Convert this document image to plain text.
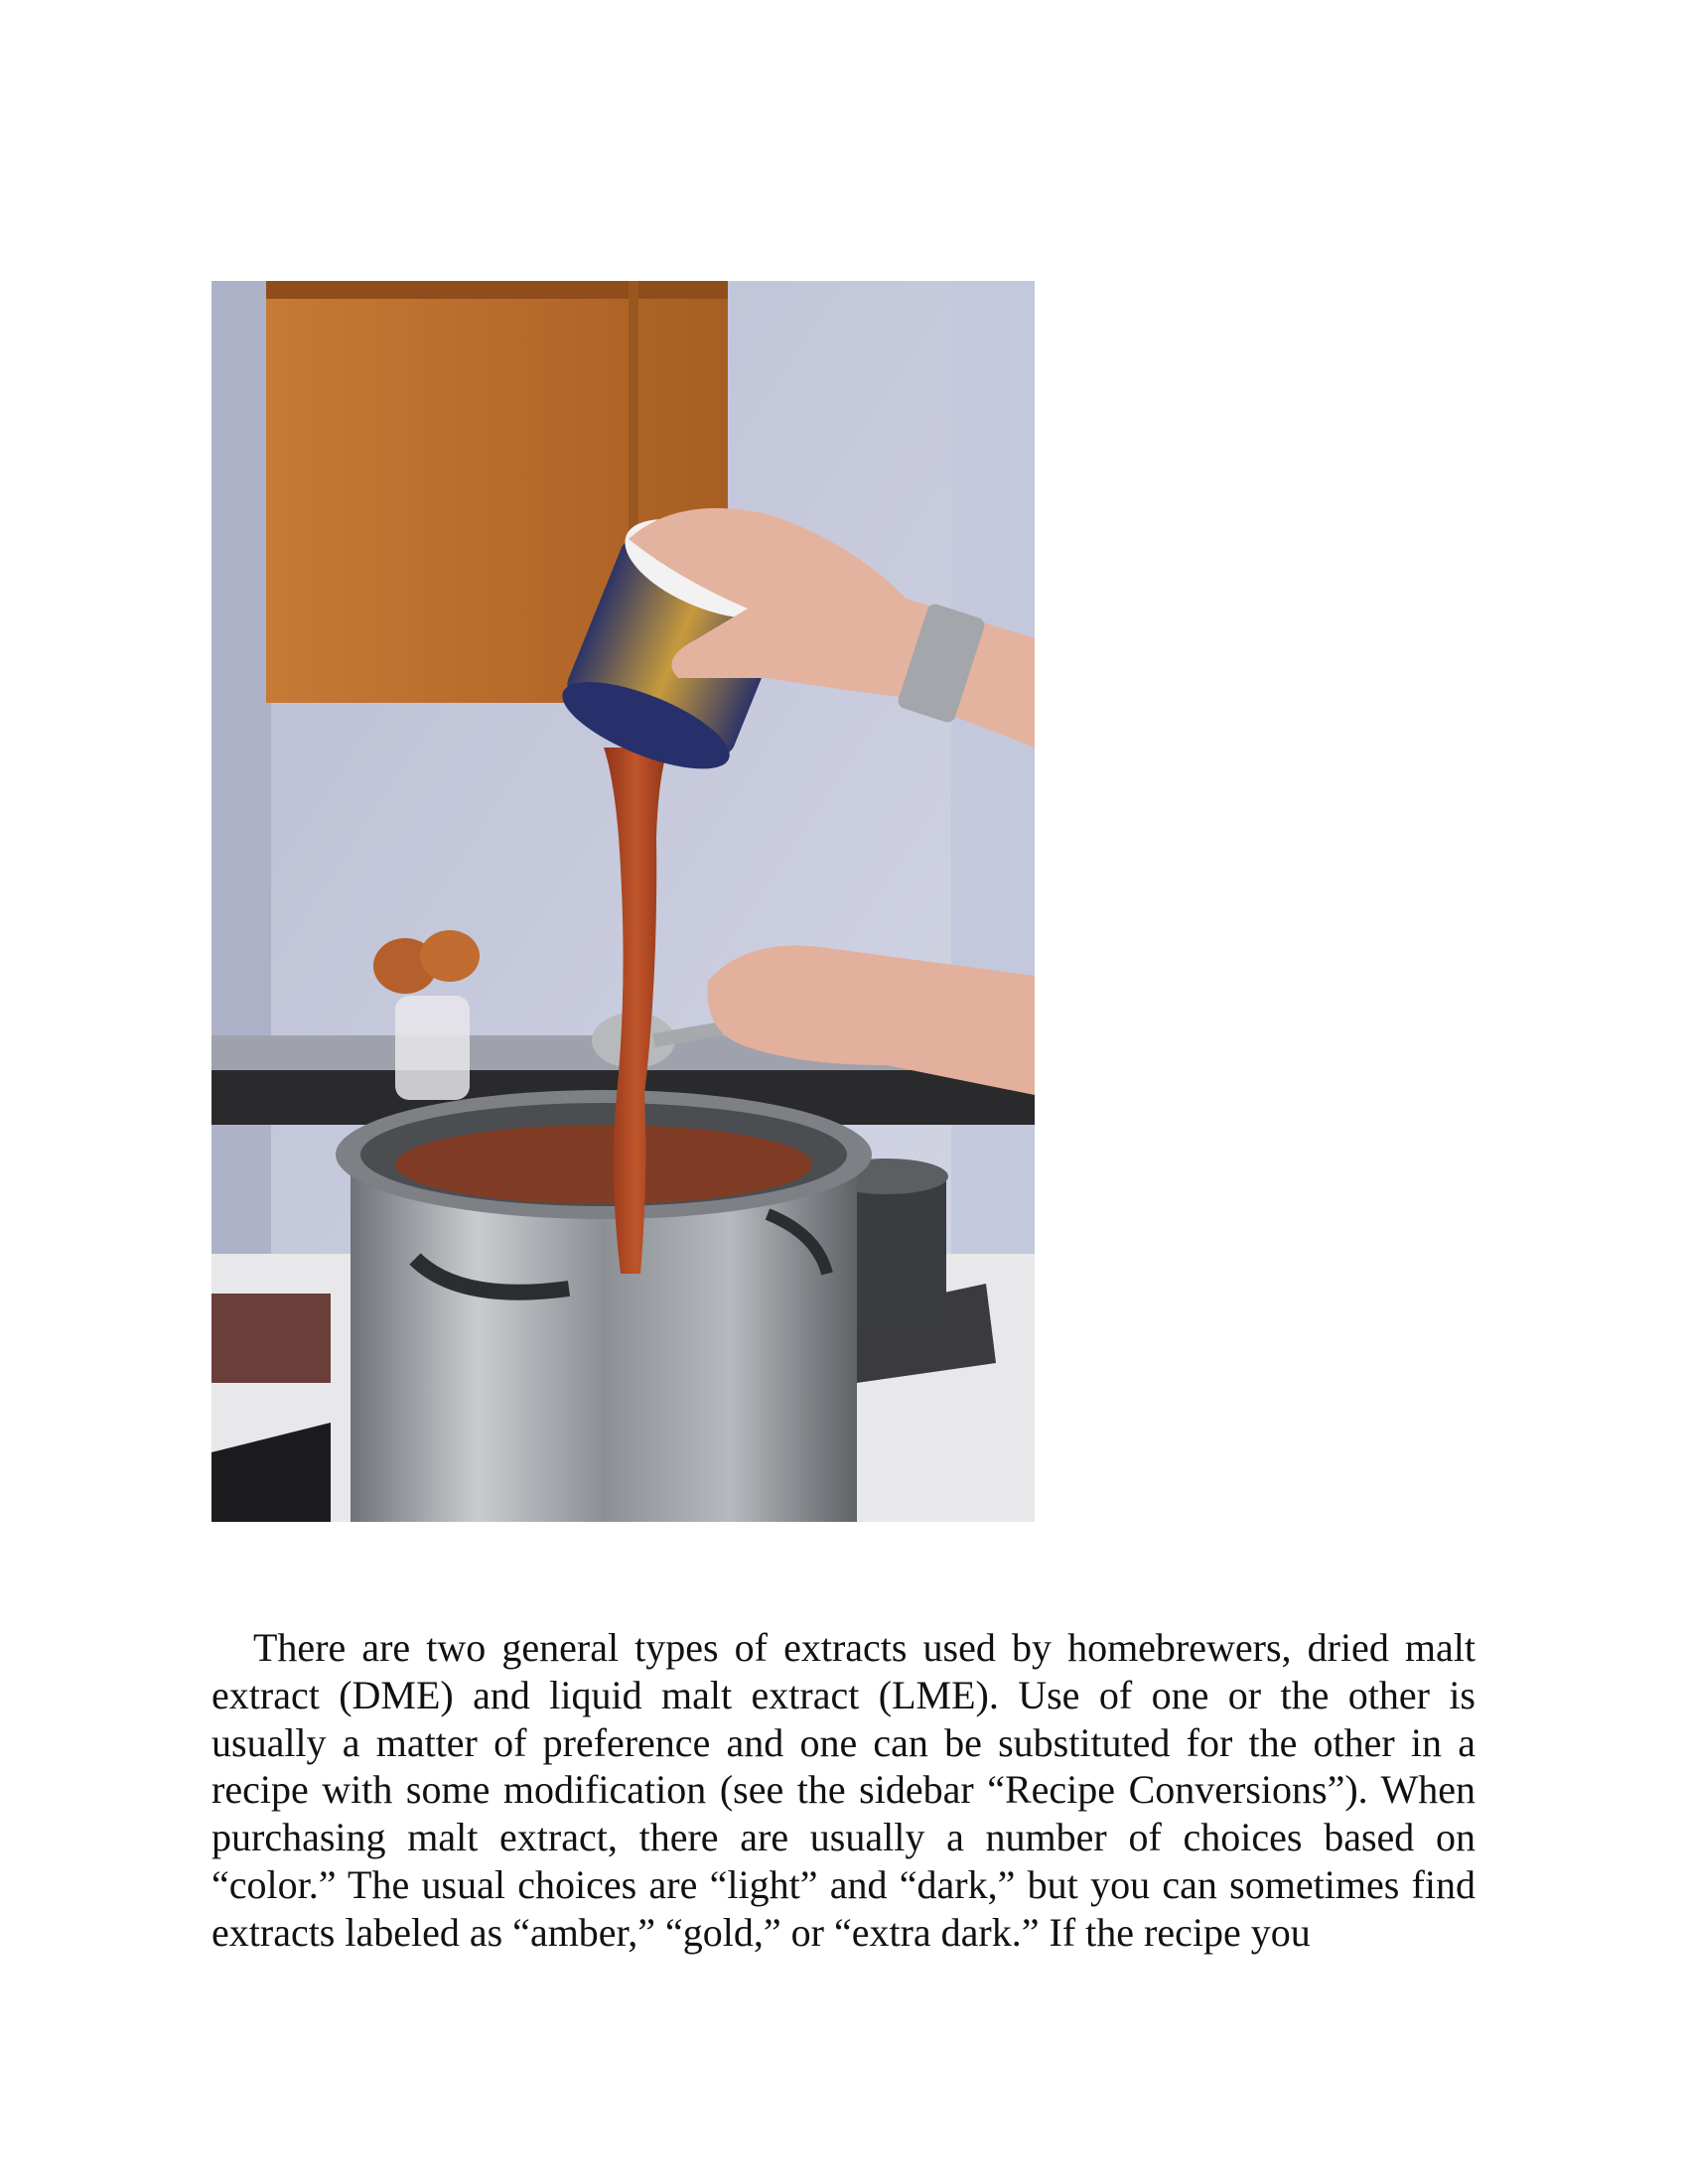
There are two general types of extracts used by homebrewers, dried malt extract (DME) and liquid malt extract (LME). Use of one or the other is usually a matter of preference and one can be substituted for the other in a recipe with some modification (see the sidebar “Recipe Conversions”). When purchasing malt extract, there are usually a number of choices based on “color.” The usual choices are “light” and “dark,” but you can sometimes find extracts labeled as “amber,” “gold,” or “extra dark.” If the recipe you
